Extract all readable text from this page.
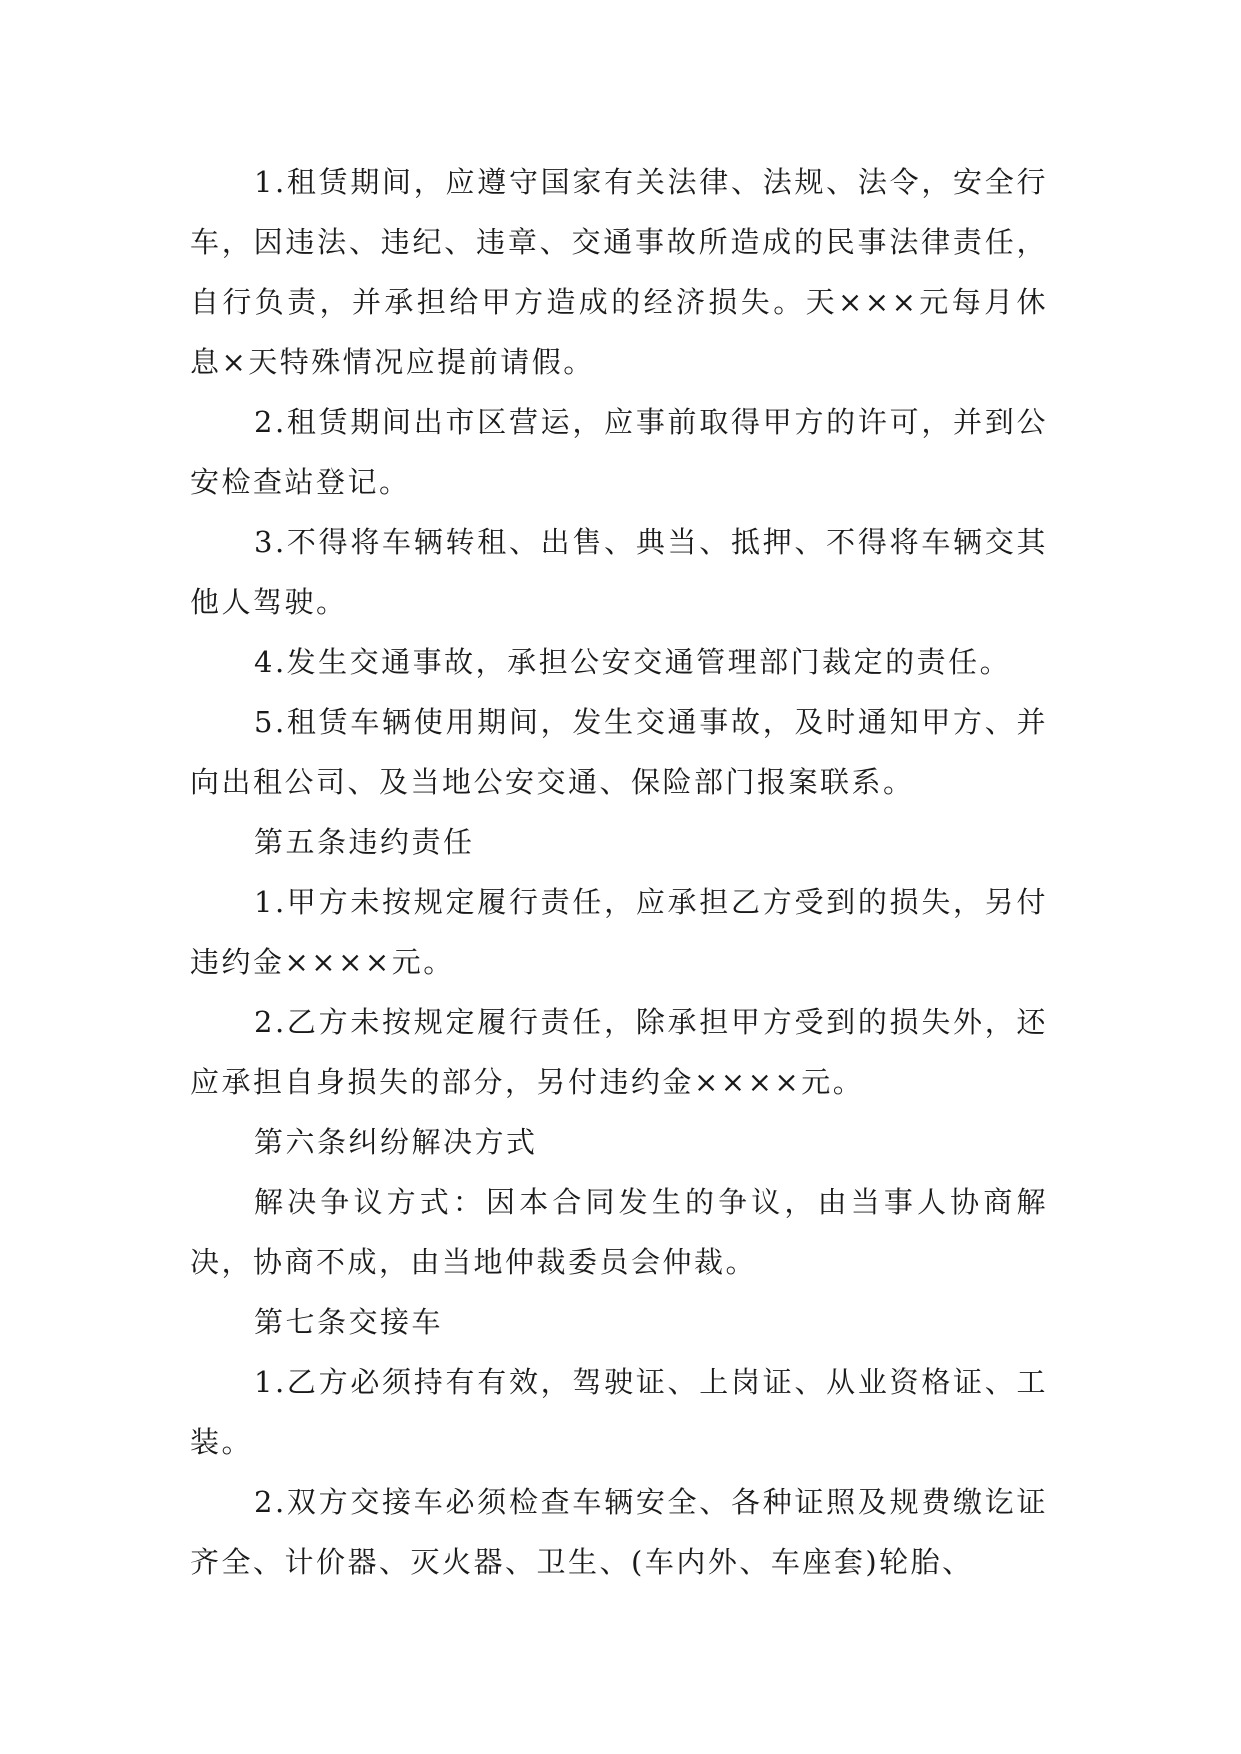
1.租赁期间，应遵守国家有关法律、法规、法令，安全行车，因违法、违纪、违章、交通事故所造成的民事法律责任，自行负责，并承担给甲方造成的经济损失。天×××元每月休息×天特殊情况应提前请假。

2.租赁期间出市区营运，应事前取得甲方的许可，并到公安检查站登记。

3.不得将车辆转租、出售、典当、抵押、不得将车辆交其他人驾驶。

4.发生交通事故，承担公安交通管理部门裁定的责任。

5.租赁车辆使用期间，发生交通事故，及时通知甲方、并向出租公司、及当地公安交通、保险部门报案联系。

第五条违约责任

1.甲方未按规定履行责任，应承担乙方受到的损失，另付违约金××××元。

2.乙方未按规定履行责任，除承担甲方受到的损失外，还应承担自身损失的部分，另付违约金××××元。

第六条纠纷解决方式

解决争议方式：因本合同发生的争议，由当事人协商解决，协商不成，由当地仲裁委员会仲裁。

第七条交接车

1.乙方必须持有有效，驾驶证、上岗证、从业资格证、工装。

2.双方交接车必须检查车辆安全、各种证照及规费缴讫证齐全、计价器、灭火器、卫生、(车内外、车座套)轮胎、
